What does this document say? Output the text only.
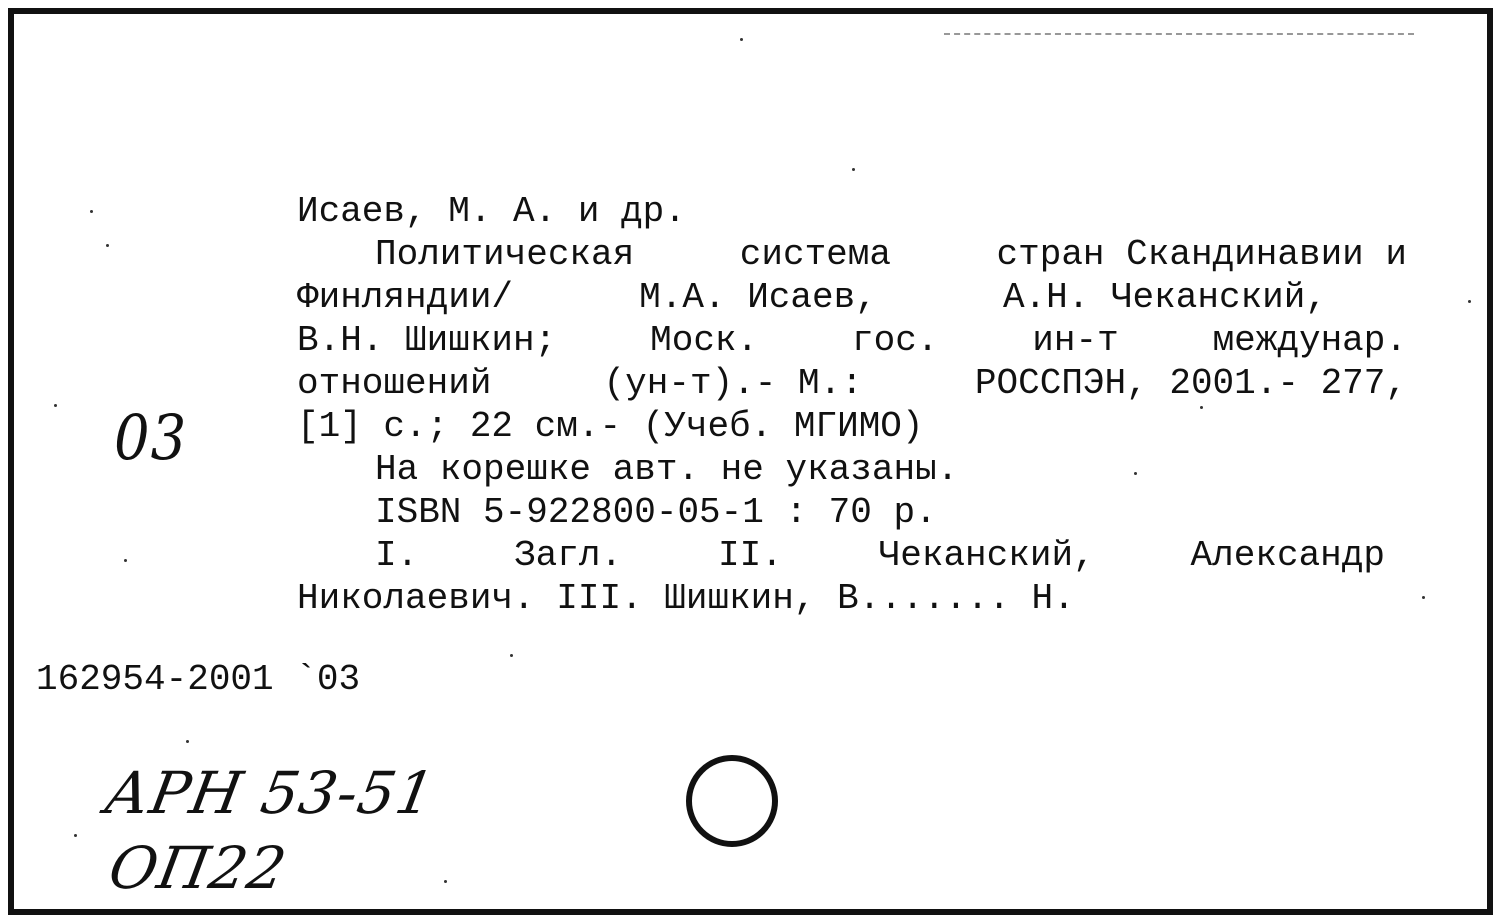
Исаев, М. А. и др.
Политическая	система	стран Скандинавии и
Финляндии/	М.А. Исаев,	А.Н. Чеканский,
В.Н. Шишкин;	Моск.	гос.	ин-т	междунар.
отношений	(ун-т).- М.:	РОССПЭН, 2001.- 277,
[1] с.; 22 см.- (Учеб. МГИМО)
На корешке авт. не указаны.
ISBN 5-922800-05-1 : 70 р.
I.	Загл.	II.	Чеканский,	Александр
Николаевич. III. Шишкин, В....... Н.
03
162954-2001 `03
АРН 53-51
ОП22
